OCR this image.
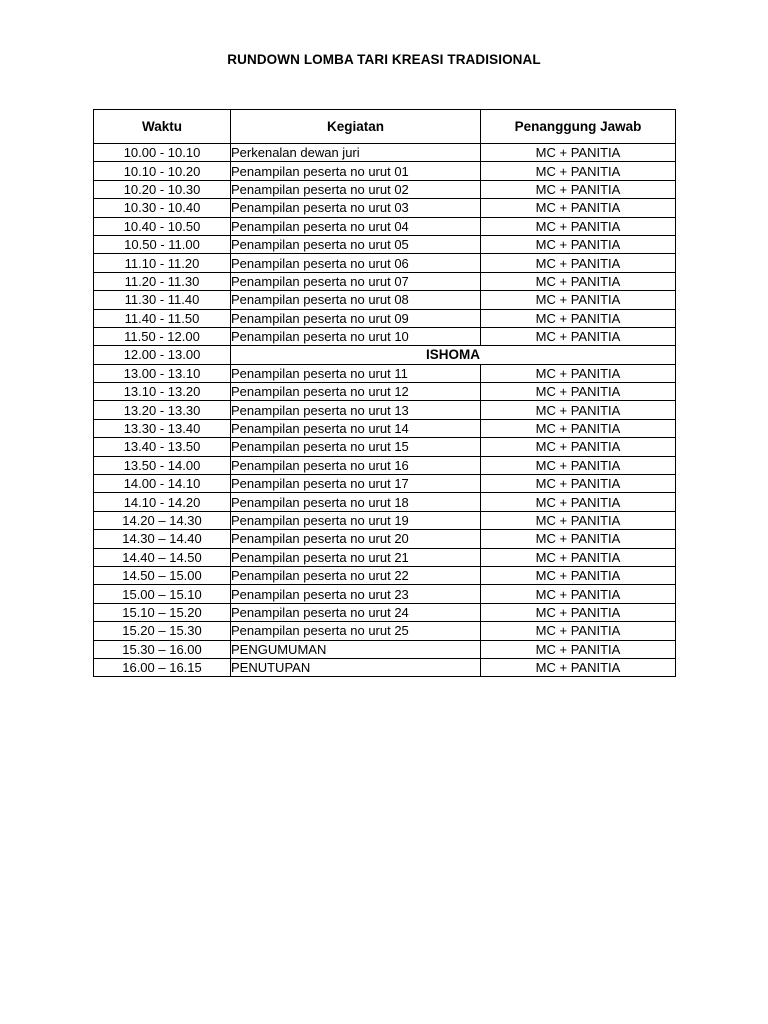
RUNDOWN LOMBA TARI KREASI TRADISIONAL
Waktu	Kegiatan	Penanggung Jawab
10.00 - 10.10	Perkenalan dewan juri	MC + PANITIA
10.10 - 10.20	Penampilan peserta no urut 01	MC + PANITIA
10.20 - 10.30	Penampilan peserta no urut 02	MC + PANITIA
10.30 - 10.40	Penampilan peserta no urut 03	MC + PANITIA
10.40 - 10.50	Penampilan peserta no urut 04	MC + PANITIA
10.50 - 11.00	Penampilan peserta no urut 05	MC + PANITIA
11.10 - 11.20	Penampilan peserta no urut 06	MC + PANITIA
11.20 - 11.30	Penampilan peserta no urut 07	MC + PANITIA
11.30 - 11.40	Penampilan peserta no urut 08	MC + PANITIA
11.40 - 11.50	Penampilan peserta no urut 09	MC + PANITIA
11.50 - 12.00	Penampilan peserta no urut 10	MC + PANITIA
12.00 - 13.00	ISHOMA	
13.00 - 13.10	Penampilan peserta no urut 11	MC + PANITIA
13.10 - 13.20	Penampilan peserta no urut 12	MC + PANITIA
13.20 - 13.30	Penampilan peserta no urut 13	MC + PANITIA
13.30 - 13.40	Penampilan peserta no urut 14	MC + PANITIA
13.40 - 13.50	Penampilan peserta no urut 15	MC + PANITIA
13.50 - 14.00	Penampilan peserta no urut 16	MC + PANITIA
14.00 - 14.10	Penampilan peserta no urut 17	MC + PANITIA
14.10 - 14.20	Penampilan peserta no urut 18	MC + PANITIA
14.20 – 14.30	Penampilan peserta no urut 19	MC + PANITIA
14.30 – 14.40	Penampilan peserta no urut 20	MC + PANITIA
14.40 – 14.50	Penampilan peserta no urut 21	MC + PANITIA
14.50 – 15.00	Penampilan peserta no urut 22	MC + PANITIA
15.00 – 15.10	Penampilan peserta no urut 23	MC + PANITIA
15.10 – 15.20	Penampilan peserta no urut 24	MC + PANITIA
15.20 – 15.30	Penampilan peserta no urut 25	MC + PANITIA
15.30 – 16.00	PENGUMUMAN	MC + PANITIA
16.00 – 16.15	PENUTUPAN	MC + PANITIA
